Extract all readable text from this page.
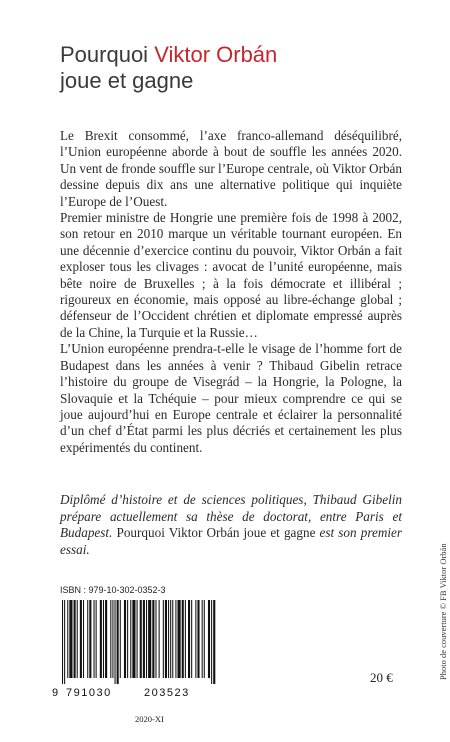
Pourquoi Viktor Orbán
joue et gagne

Le Brexit consommé, l’axe franco-allemand déséquilibré, l’Union européenne aborde à bout de souffle les années 2020. Un vent de fronde souffle sur l’Europe centrale, où Viktor Orbán dessine depuis dix ans une alternative politique qui inquiète l’Europe de l’Ouest.

Premier ministre de Hongrie une première fois de 1998 à 2002, son retour en 2010 marque un véritable tournant européen. En une décennie d’exercice continu du pouvoir, Viktor Orbán a fait exploser tous les clivages : avocat de l’unité européenne, mais bête noire de Bruxelles ; à la fois démocrate et illibéral ; rigoureux en économie, mais opposé au libre-échange global ; défenseur de l’Occident chrétien et diplomate empressé auprès de la Chine, la Turquie et la Russie…

L’Union européenne prendra-t-elle le visage de l’homme fort de Budapest dans les années à venir ? Thibaud Gibelin retrace l’histoire du groupe de Visegrád – la Hongrie, la Pologne, la Slovaquie et la Tchéquie – pour mieux comprendre ce qui se joue aujourd’hui en Europe centrale et éclairer la personnalité d’un chef d’État parmi les plus décriés et certainement les plus expérimentés du continent.

Diplômé d’histoire et de sciences politiques, Thibaud Gibelin prépare actuellement sa thèse de doctorat, entre Paris et Budapest. Pourquoi Viktor Orbán joue et gagne est son premier essai.	Photo de couverture © FB Viktor Orbán
ISBN : 979-10-302-0352-3
9 791030	203523
2020-XI
20 €
